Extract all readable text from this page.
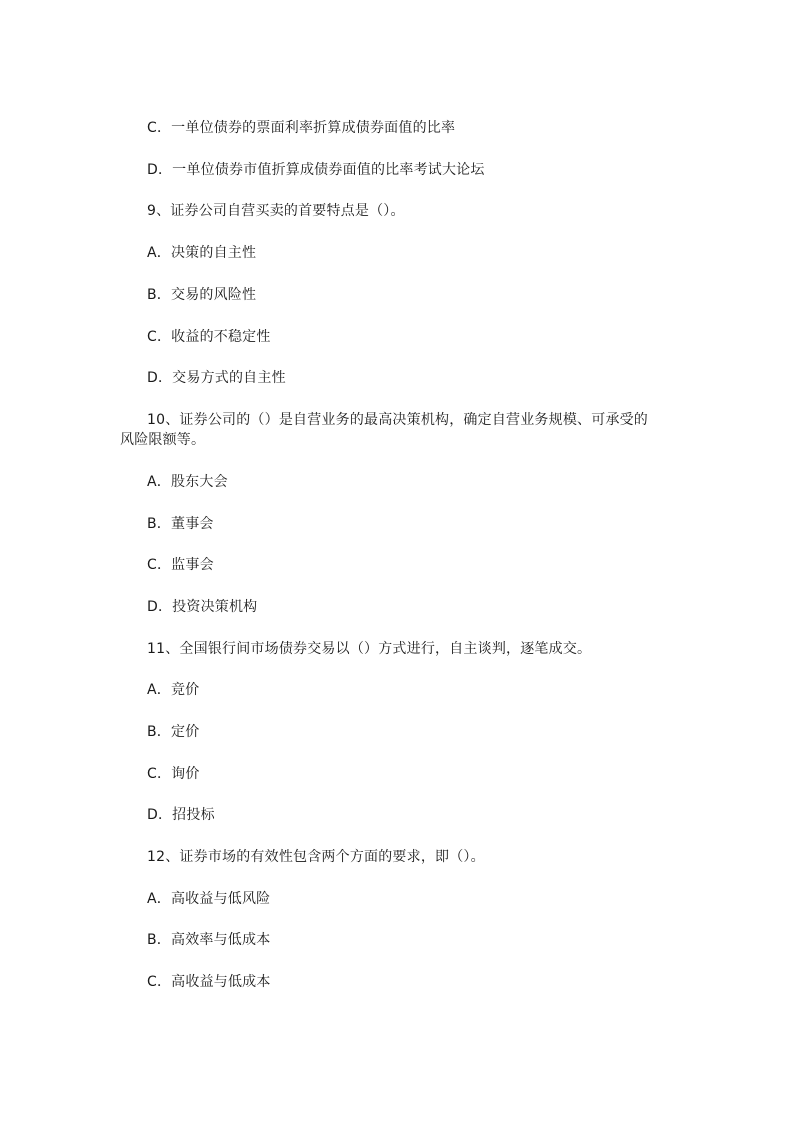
C．一单位债券的票面利率折算成债券面值的比率
D．一单位债券市值折算成债券面值的比率考试大论坛
9、证券公司自营买卖的首要特点是（）。
A．决策的自主性
B．交易的风险性
C．收益的不稳定性
D．交易方式的自主性
10、证券公司的（）是自营业务的最高决策机构，确定自营业务规模、可承受的风险限额等。
A．股东大会
B．董事会
C．监事会
D．投资决策机构
11、全国银行间市场债券交易以（）方式进行，自主谈判，逐笔成交。
A．竞价
B．定价
C．询价
D．招投标
12、证券市场的有效性包含两个方面的要求，即（）。
A．高收益与低风险
B．高效率与低成本
C．高收益与低成本
